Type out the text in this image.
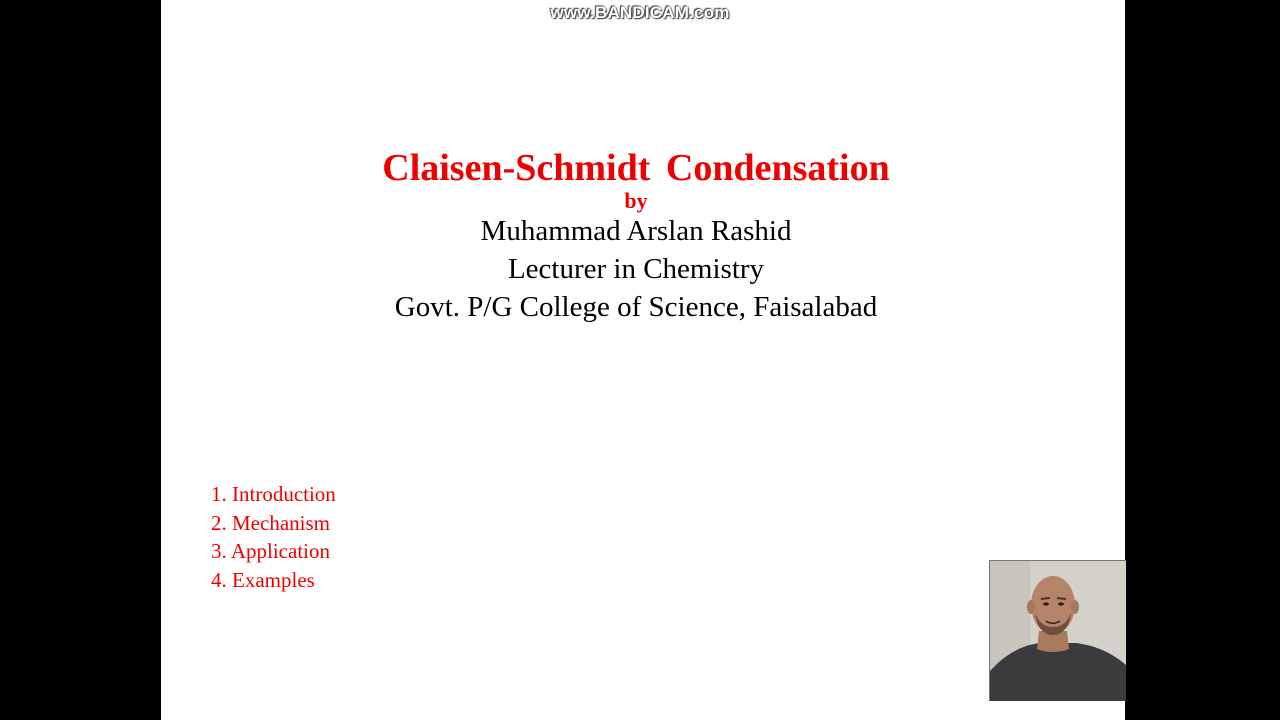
www.BANDICAM.com
Claisen-Schmidt Condensation
by
Muhammad Arslan Rashid
Lecturer in Chemistry
Govt. P/G College of Science, Faisalabad
1. Introduction
2. Mechanism
3. Application
4. Examples
